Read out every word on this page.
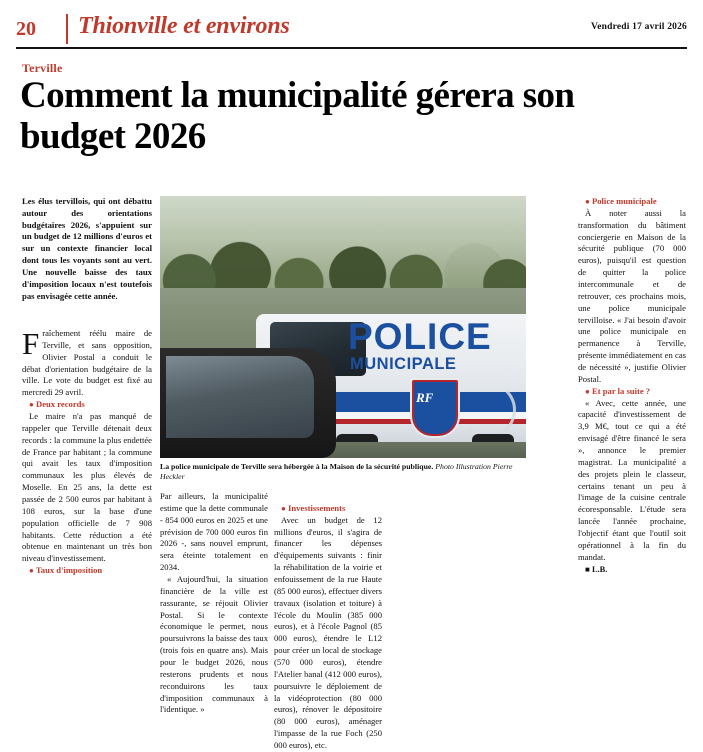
20 Thionville et environs	Vendredi 17 avril 2026
Terville
Comment la municipalité gérera son budget 2026
Les élus tervillois, qui ont débattu autour des orientations budgétaires 2026, s'appuient sur un budget de 12 millions d'euros et sur un contexte financier local dont tous les voyants sont au vert. Une nouvelle baisse des taux d'imposition locaux n'est toutefois pas envisagée cette année.
F raîchement réélu maire de Terville, et sans opposition, Olivier Postal a conduit le débat d'orientation budgétaire de la ville. Le vote du budget est fixé au mercredi 29 avril.

● Deux records

Le maire n'a pas manqué de rappeler que Terville détenait deux records : la commune la plus endettée de France par habitant ; la commune qui avait les taux d'imposition communaux les plus élevés de Moselle. En 25 ans, la dette est passée de 2 500 euros par habitant à 108 euros, sur la base d'une population officielle de 7 908 habitants. Cette réduction a été obtenue en maintenant un très bon niveau d'investissement.

● Taux d'imposition

POLICE
MUNICIPALE
RF
La police municipale de Terville sera hébergée à la Maison de la sécurité publique. Photo Illustration Pierre Heckler

Par ailleurs, la municipalité estime que la dette communale - 854 000 euros en 2025 et une prévision de 700 000 euros fin 2026 -, sans nouvel emprunt, sera éteinte totalement en 2034.

« Aujourd'hui, la situation financière de la ville est rassurante, se réjouit Olivier Postal. Si le contexte économique le permet, nous poursuivrons la baisse des taux (trois fois en quatre ans). Mais pour le budget 2026, nous resterons prudents et nous reconduirons les taux d'imposition communaux à l'identique. »

● Investissements

Avec un budget de 12 millions d'euros, il s'agira de financer les dépenses d'équipements suivants : finir la réhabilitation de la voirie et enfouissement de la rue Haute (85 000 euros), effectuer divers travaux (isolation et toiture) à l'école du Moulin (385 000 euros), et à l'école Pagnol (85 000 euros), étendre le L12 pour créer un local de stockage (570 000 euros), étendre l'Atelier banal (412 000 euros), poursuivre le déploiement de la vidéoprotection (80 000 euros), rénover le dépositoire (80 000 euros), aménager l'impasse de la rue Foch (250 000 euros), etc.

● Police municipale

À noter aussi la transformation du bâtiment conciergerie en Maison de la sécurité publique (70 000 euros), puisqu'il est question de quitter la police intercommunale et de retrouver, ces prochains mois, une police municipale tervilloise. « J'ai besoin d'avoir une police municipale en permanence à Terville, présente immédiatement en cas de nécessité », justifie Olivier Postal.

● Et par la suite ?

« Avec, cette année, une capacité d'investissement de 3,9 M€, tout ce qui a été envisagé d'être financé le sera », annonce le premier magistrat. La municipalité a des projets plein le classeur, certains tenant un peu à l'image de la cuisine centrale écoresponsable. L'étude sera lancée l'année prochaine, l'objectif étant que l'outil soit opérationnel à la fin du mandat.

■ L.B.
